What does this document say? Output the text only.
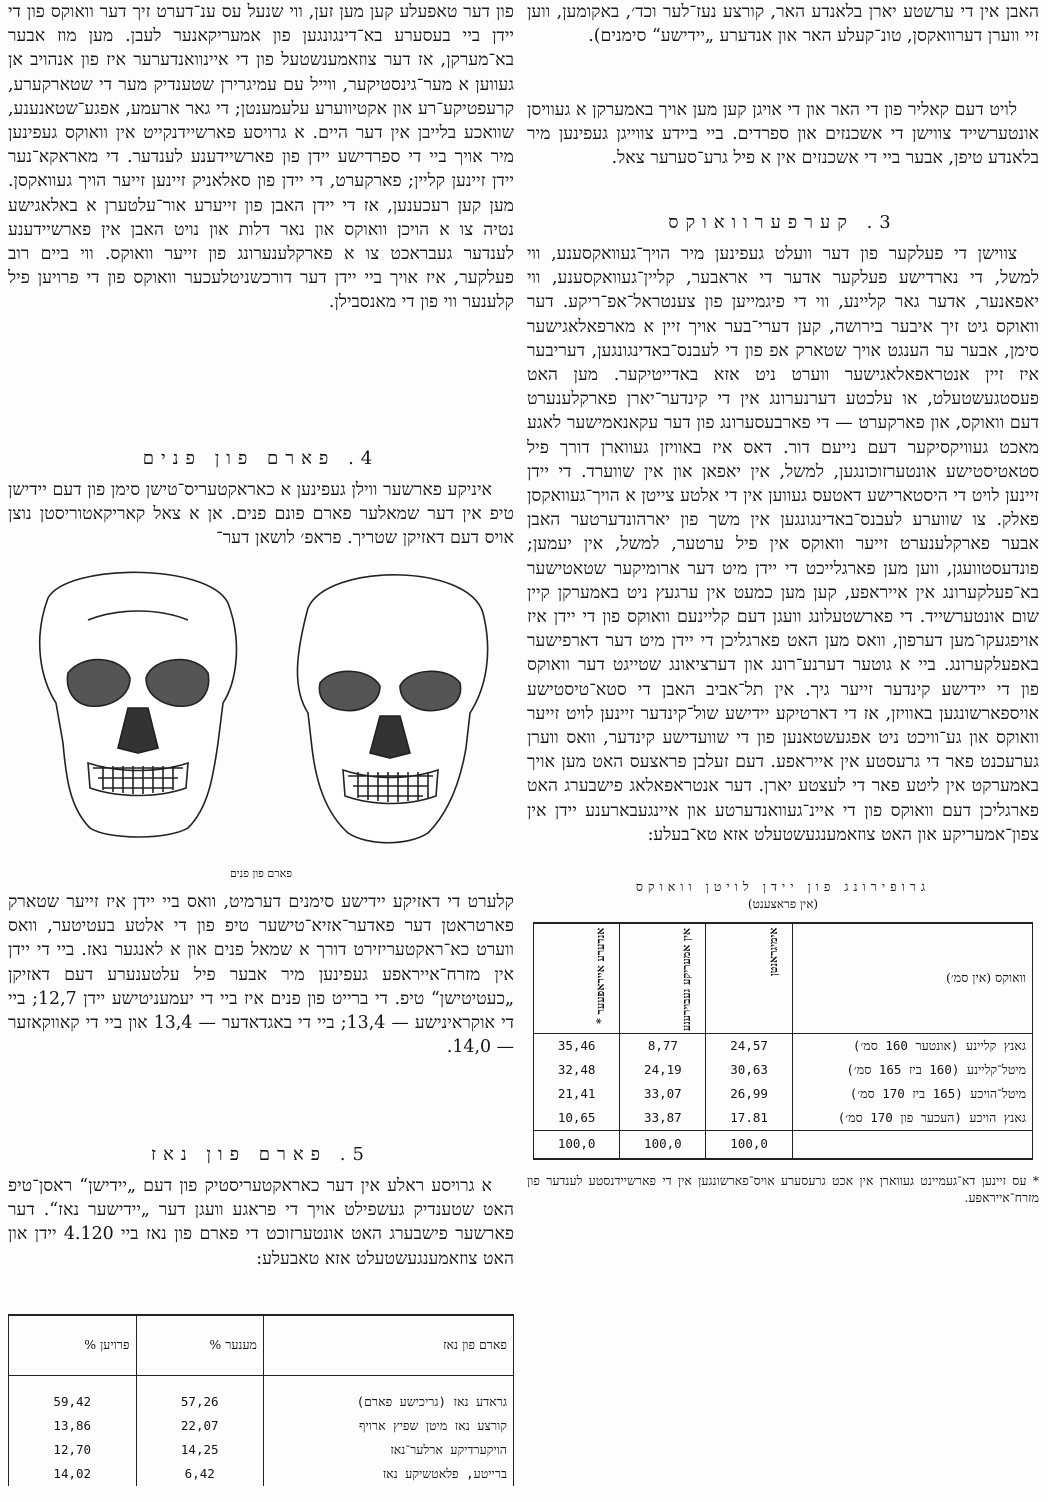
האבן אין די ערשטע יארן בלאנדע האר, קורצע נעז־לער וכד׳, באקומען, ווען זיי ווערן דערוואקסן, טונ־קעלע האר און אנדערע „יידישע“ סימנים).

לויט דעם קאליר פון די האר און די אויגן קען מען אויך באמערקן א געוויסן אונטערשייד צווישן די אשכנזים און ספרדים. ביי ביידע צווייגן געפינען מיר בלאנדע טיפן, אבער ביי די אשכנזים אין א פיל גרע־סערער צאל.

3. קערפערוואוקס

צווישן די פעלקער פון דער וועלט געפינען מיר הויך־געוואקסענע, ווי למשל, די נארדישע פעלקער אדער די אראבער, קליין־געוואקסענע, ווי יאפאנער, אדער גאר קליינע, ווי די פיגמייען פון צענטראל־אפ־ריקע. דער וואוקס גיט זיך איבער בירושה, קען דערי־בער אויך זיין א מארפאלאגישער סימן, אבער ער הענגט אויך שטארק אפ פון די לעבנס־באדינגונגען, דעריבער איז זיין אנטראפאלאגישער ווערט ניט אזא באדייטיקער. מען האט פעסטגעשטעלט, או עלכטע דערנערונג אין די קינדער־יארן פארקלענערט דעם וואוקס, און פארקערט — די פארבעסערונג פון דער עקאנאמישער לאגע מאכט געוויקסיקער דעם נייעם דור. דאס איז באוויזן געווארן דורך פיל סטאטיסטישע אונטערזוכונגען, למשל, אין יאפאן און אין שווערד. די יידן זיינען לויט די היסטארישע דאטעס געווען אין די אלטע צייטן א הויך־געוואקסן פאלק. צו שווערע לעבנס־באדינגונגען אין משך פון יארהונדערטער האבן אבער פארקלענערט זייער וואוקס אין פיל ערטער, למשל, אין יעמען; פונדעסטוועגן, ווען מען פארגלייכט די יידן מיט דער ארומיקער שטאטישער בא־פעלקערונג אין אייראפע, קען מען כמעט אין ערגעץ ניט באמערקן קיין שום אונטערשייד. די פארשטעלונג וועגן דעם קליינעם וואוקס פון די יידן איז אויפגעקו־מען דערפון, וואס מען האט פארגליכן די יידן מיט דער דארפישער באפעלקערונג. ביי א גוטער דערנע־רונג און דערציאונג שטייגט דער וואוקס פון די יידישע קינדער זייער גיך. אין תל־אביב האבן די סטא־טיסטישע אויספארשונגען באוויזן, אז די דארטיקע יידישע שול־קינדער זיינען לויט זייער וואוקס און גע־וויכט ניט אפגעשטאנען פון די שוועדישע קינדער, וואס ווערן גערעכנט פאר די גרעסטע אין אייראפע. דעם זעלבן פראצעס האט מען אויך באמערקט אין ליטע פאר די לעצטע יארן. דער אנטראפאלאג פישבערג האט פארגליכן דעם וואוקס פון די איינ־געוואנדערטע און איינגעבארענע יידן אין צפון־אמעריקע און האט צוזאמענגעשטעלט אזא טא־בעלע:

גרופירונג פון יידן לויטן וואוקס
(אין פראצענט)
וואוקס (אין סמ׳)	אימיגראנטן	אין אמעריקע געבוירענע	אנדערע אייראפעער *

גאנץ קליינע (אונטער 160 סמ׳)	24,57	8,77	35,46
מיטל־קליינע (160 ביז 165 סמ׳)	30,63	24,19	32,48
מיטל־הויכע (165 ביז 170 סמ׳)	26,99	33,07	21,41
גאנץ הויכע (העכער פון 170 סמ׳)	17.81	33,87	10,65
	100,0	100,0	100,0

* עס זיינען דא־געמיינט געווארן אין אכט גרעסערע אויס־פארשונגען אין די פארשיידנסטע לענדער פון מזרח־אייראפע.

פון דער טאפעלע קען מען זען, ווי שנעל עס ענ־דערט זיך דער וואוקס פון די יידן ביי בעסערע בא־דינגונגען פון אמעריקאנער לעבן. מען מוז אבער בא־מערקן, אז דער צוזאמענשטעל פון די איינוואנדערער איז פון אנהויב אן געווען א מער־גינסטיקער, ווייל עם עמיגרירן שטענדיק מער די שטארקערע, קרעפטיקע־רע און אקטיווערע עלעמענטן; די גאר ארעמע, אפגע־שטאנענע, שוואכע בלייבן אין דער היים. א גרויסע פארשיידנקייט אין וואוקס געפינען מיר אויך ביי די ספרדישע יידן פון פארשיידענע לענדער. די מאראקא־נער יידן זיינען קליין; פארקערט, די יידן פון סאלאניק זיינען זייער הויך געוואקסן. מען קען רעכענען, אז די יידן האבן פון זייערע אור־עלטערן א באלאגישע נטיה צו א הויכן וואוקס און נאר דלות און נויט האבן אין פארשיידענע לענדער געבראכט צו א פארקלענערונג פון זייער וואוקס. ווי ביים רוב פעלקער, איז אויך ביי יידן דער דורכשניטלעכער וואוקס פון די פרויען פיל קלענער ווי פון די מאנסבילן.

4. פארם פון פנים

איניקע פארשער ווילן געפינען א כאראקטעריס־טישן סימן פון דעם יידישן טיפ אין דער שמאלער פארם פונם פנים. אן א צאל קאריקאטוריסטן נוצן אויס דעם דאזיקן שטריך. פראפ׳ לושאן דער־

פארם פון פנים

קלערט די דאזיקע יידישע סימנים דערמיט, וואס ביי יידן איז זייער שטארק פארטראטן דער פאדער־אזיא־טישער טיפ פון די אלטע בעטיטער, וואס ווערט כא־ראקטעריזירט דורך א שמאל פנים און א לאנגער נאז. ביי די יידן אין מזרח־אייראפע געפינען מיר אבער פיל עלטענערע דעם דאזיקן „כעטיטישן“ טיפ. די ברייט פון פנים איז ביי די יעמעניטישע יידן 12,7; ביי די אוקראינישע — 13,4; ביי די באגדאדער — 13,4 און ביי די קאווקאזער — 14,0.

5. פארם פון נאז

א גרויסע ראלע אין דער כאראקטעריסטיק פון דעם „יידישן“ ראסן־טיפ האט שטענדיק געשפילט אויך די פראגע וועגן דער „יידישער נאז“. דער פארשער פישבערג האט אונטערזוכט די פארם פון נאז ביי 4.120 יידן און האט צוזאמענגעשטעלט אזא טאבעלע:

פארם פון נאז	מענער %	פרויען %
גראדע נאז (גריכישע פארם)	57,26	59,42
קורצע נאז מיטן שפיץ ארויף	22,07	13,86
הויקערדיקע ארלער־נאז	14,25	12,70
ברייטע, פלאטשיקע נאז	6,42	14,02
